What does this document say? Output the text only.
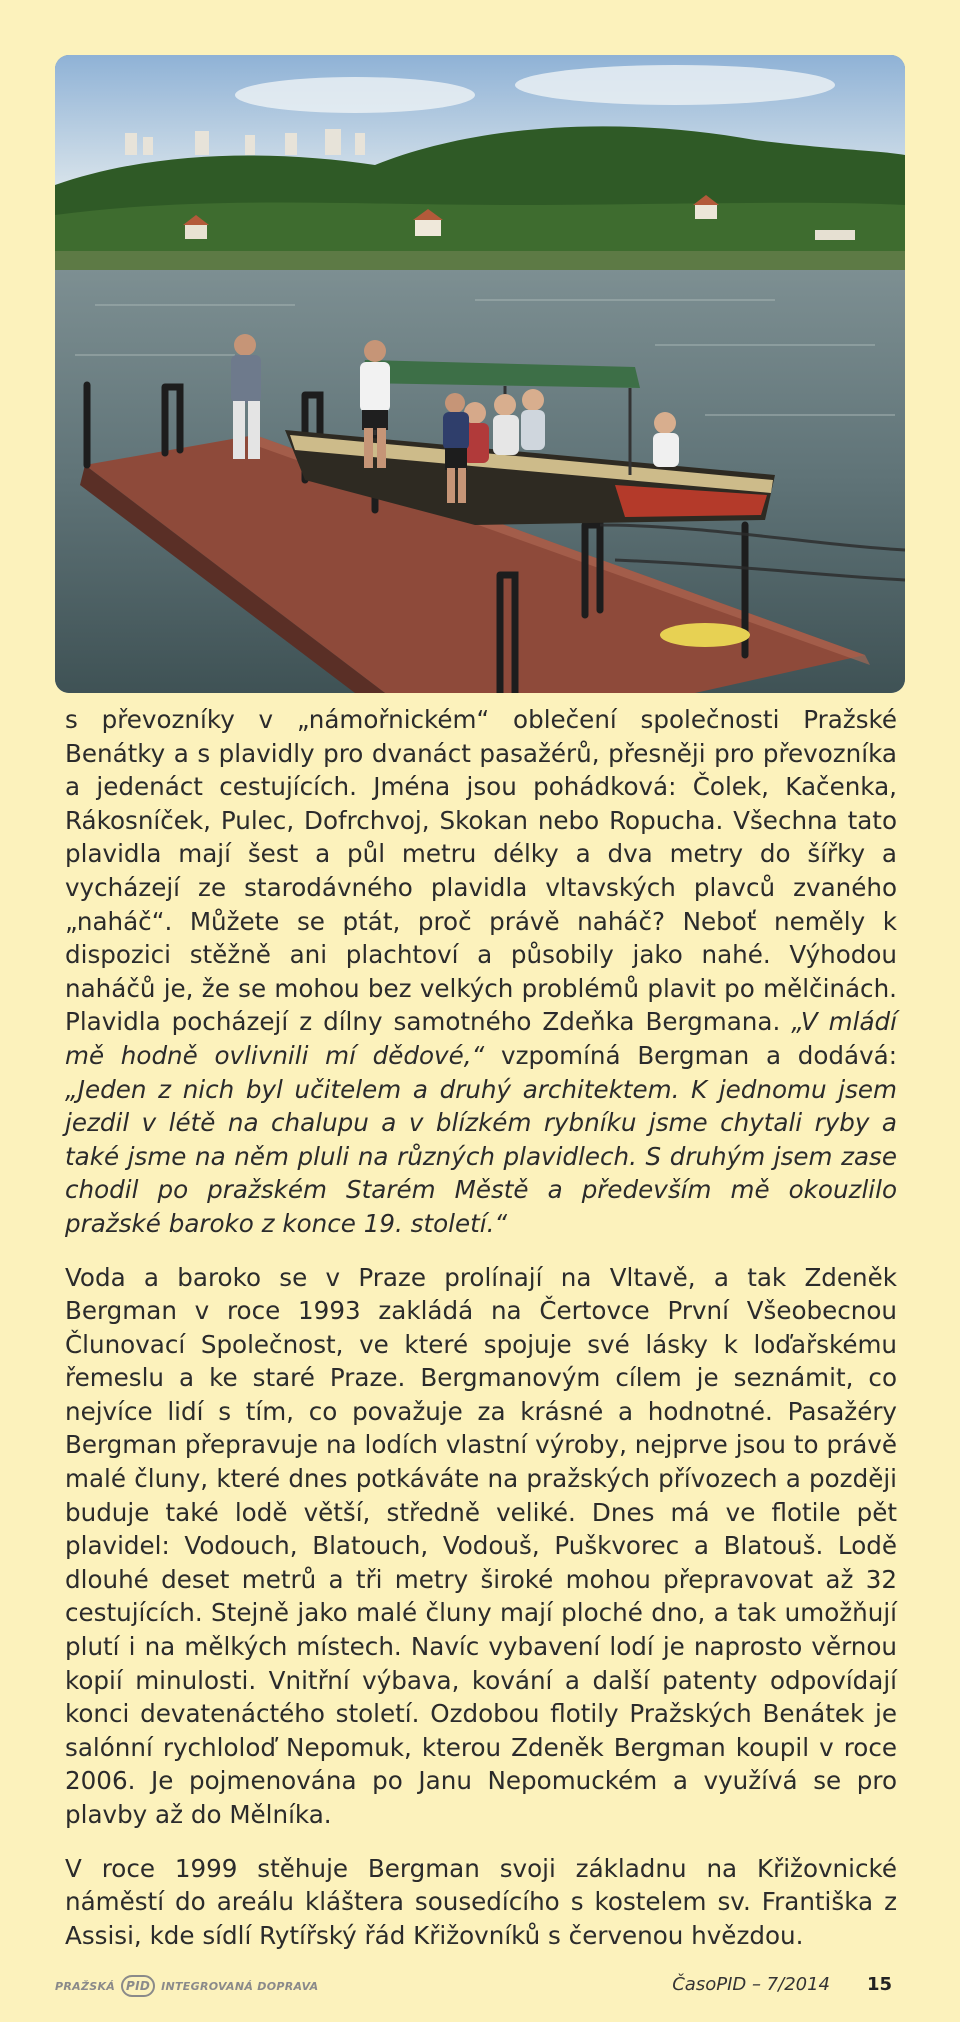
s převozníky v „námořnickém“ oblečení společnosti Pražské Benátky a s plavidly pro dvanáct pasažérů, přesněji pro převozníka a jedenáct cestujících. Jména jsou pohádková: Čolek, Kačenka, Rákosníček, Pulec, Dofrchvoj, Skokan nebo Ropucha. Všechna tato plavidla mají šest a půl metru délky a dva metry do šířky a vycházejí ze starodávného plavidla vltavských plavců zvaného „naháč“. Můžete se ptát, proč právě naháč? Neboť neměly k dispozici stěžně ani plachtoví a působily jako nahé. Výhodou naháčů je, že se mohou bez velkých problémů plavit po mělčinách. Plavidla pocházejí z dílny samotného Zdeňka Bergmana. „V mládí mě hodně ovlivnili mí dědové,“ vzpomíná Bergman a dodává: „Jeden z nich byl učitelem a druhý architektem. K jednomu jsem jezdil v létě na chalupu a v blízkém rybníku jsme chytali ryby a také jsme na něm pluli na různých plavidlech. S druhým jsem zase chodil po pražském Starém Městě a především mě okouzlilo pražské baroko z konce 19. století.“

Voda a baroko se v Praze prolínají na Vltavě, a tak Zdeněk Bergman v roce 1993 zakládá na Čertovce První Všeobecnou Člunovací Společnost, ve které spojuje své lásky k loďařskému řemeslu a ke staré Praze. Bergmanovým cílem je seznámit, co nejvíce lidí s tím, co považuje za krásné a hodnotné. Pasažéry Bergman přepravuje na lodích vlastní výroby, nejprve jsou to právě malé čluny, které dnes potkáváte na pražských přívozech a později buduje také lodě větší, středně veliké. Dnes má ve flotile pět plavidel: Vodouch, Blatouch, Vodouš, Puškvorec a Blatouš. Lodě dlouhé deset metrů a tři metry široké mohou přepravovat až 32 cestujících. Stejně jako malé čluny mají ploché dno, a tak umožňují plutí i na mělkých místech. Navíc vybavení lodí je naprosto věrnou kopií minulosti. Vnitřní výbava, kování a další patenty odpovídají konci devatenáctého století. Ozdobou flotily Pražských Benátek je salónní rychloloď Nepomuk, kterou Zdeněk Bergman koupil v roce 2006. Je pojmenována po Janu Nepomuckém a využívá se pro plavby až do Mělníka.

V roce 1999 stěhuje Bergman svoji základnu na Křižovnické náměstí do areálu kláštera sousedícího s kostelem sv. Františka z Assisi, kde sídlí Rytířský řád Křižovníků s červenou hvězdou.

PRAŽSKÁ PID INTEGROVANÁ DOPRAVA	ČasoPID – 7/2014 15
